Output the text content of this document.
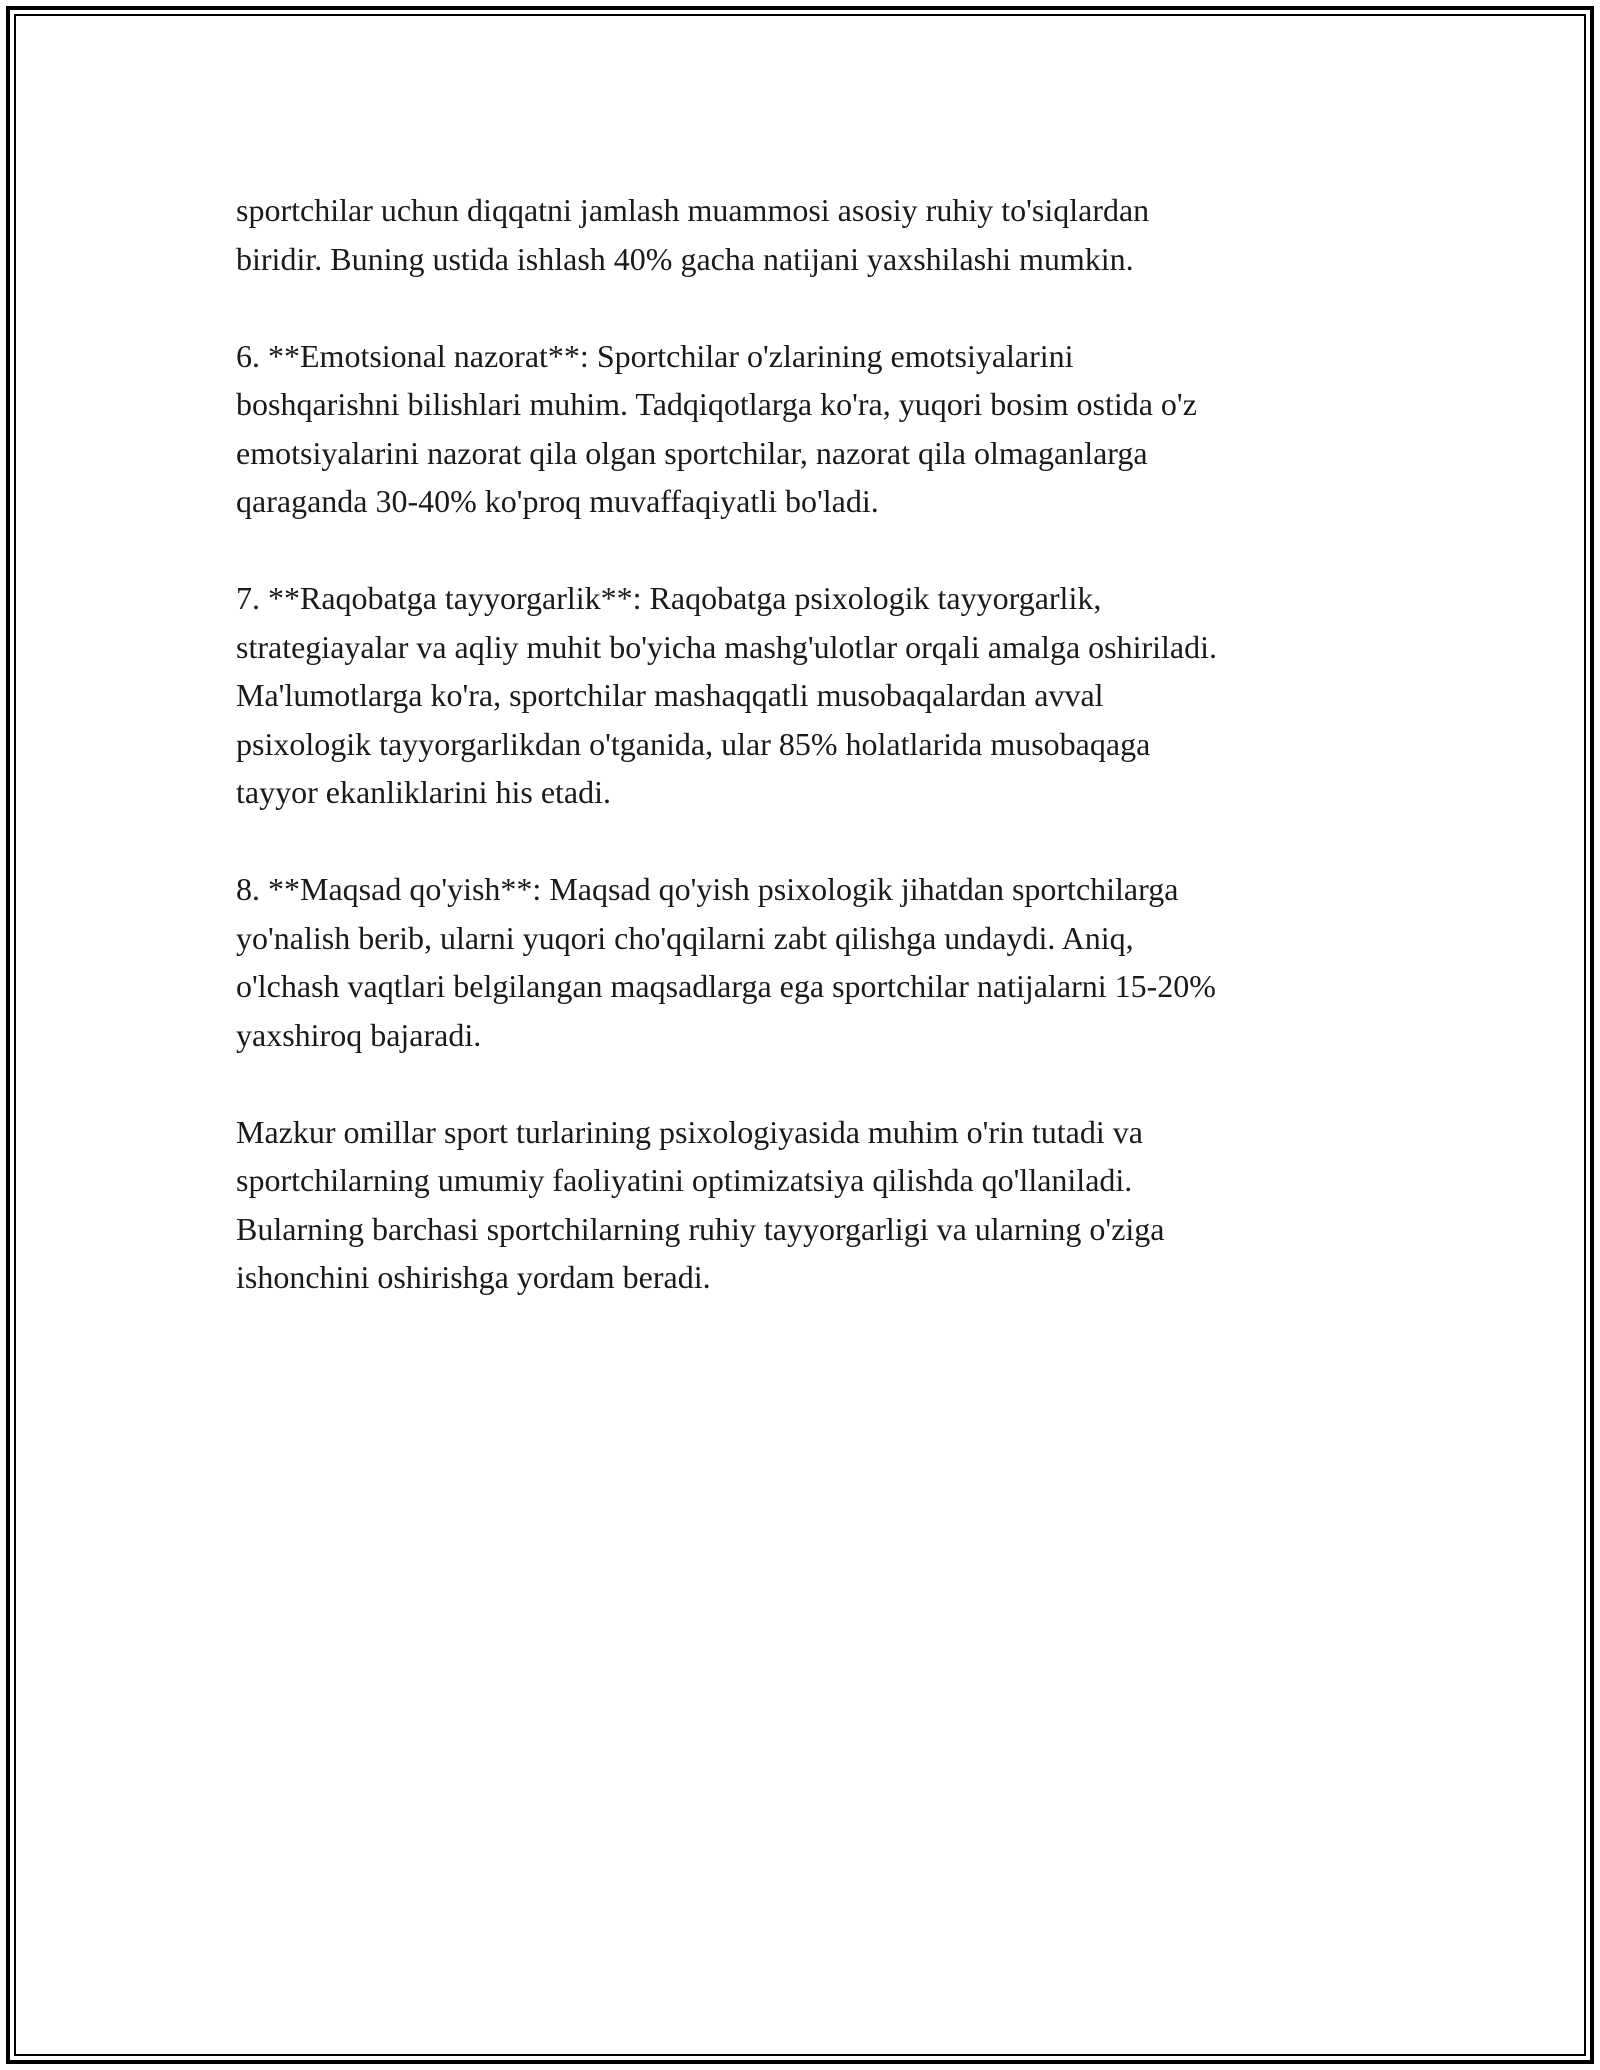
sportchilar uchun diqqatni jamlash muammosi asosiy ruhiy to'siqlardan
biridir. Buning ustida ishlash 40% gacha natijani yaxshilashi mumkin.

6. **Emotsional nazorat**: Sportchilar o'zlarining emotsiyalarini
boshqarishni bilishlari muhim. Tadqiqotlarga ko'ra, yuqori bosim ostida o'z
emotsiyalarini nazorat qila olgan sportchilar, nazorat qila olmaganlarga
qaraganda 30-40% ko'proq muvaffaqiyatli bo'ladi.

7. **Raqobatga tayyorgarlik**: Raqobatga psixologik tayyorgarlik,
strategiayalar va aqliy muhit bo'yicha mashg'ulotlar orqali amalga oshiriladi.
Ma'lumotlarga ko'ra, sportchilar mashaqqatli musobaqalardan avval
psixologik tayyorgarlikdan o'tganida, ular 85% holatlarida musobaqaga
tayyor ekanliklarini his etadi.

8. **Maqsad qo'yish**: Maqsad qo'yish psixologik jihatdan sportchilarga
yo'nalish berib, ularni yuqori cho'qqilarni zabt qilishga undaydi. Aniq,
o'lchash vaqtlari belgilangan maqsadlarga ega sportchilar natijalarni 15-20%
yaxshiroq bajaradi.

Mazkur omillar sport turlarining psixologiyasida muhim o'rin tutadi va
sportchilarning umumiy faoliyatini optimizatsiya qilishda qo'llaniladi.
Bularning barchasi sportchilarning ruhiy tayyorgarligi va ularning o'ziga
ishonchini oshirishga yordam beradi.
